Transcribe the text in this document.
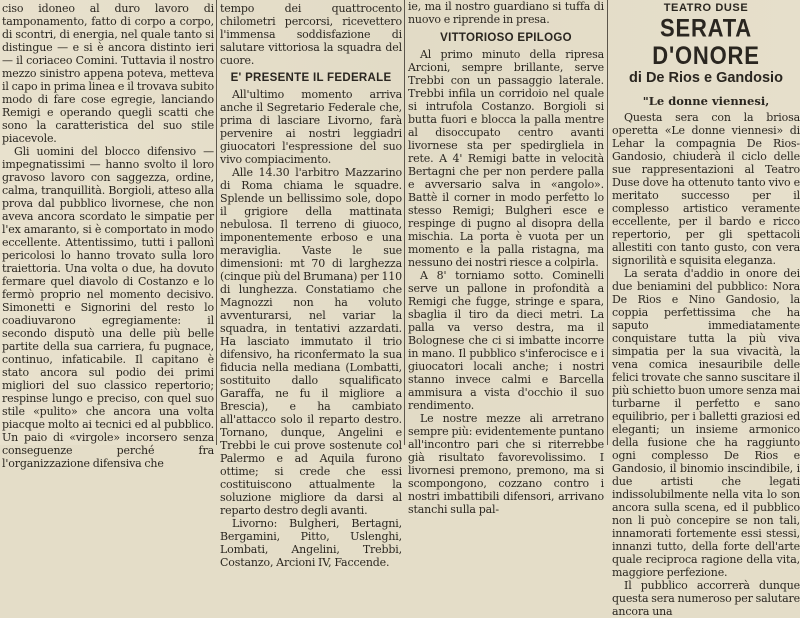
ciso idoneo al duro lavoro di tamponamento, fatto di corpo a corpo, di scontri, di energia, nel quale tanto si distingue — e si è ancora distinto ieri — il coriaceo Comini. Tuttavia il nostro mezzo sinistro appena poteva, metteva il capo in prima linea e il trovava subito modo di fare cose egregie, lanciando Remigi e operando quegli scatti che sono la caratteristica del suo stile piacevole.

Gli uomini del blocco difensivo — impegnatissimi — hanno svolto il loro gravoso lavoro con saggezza, ordine, calma, tranquillità. Borgioli, atteso alla prova dal pubblico livornese, che non aveva ancora scordato le simpatie per l'ex amaranto, si è comportato in modo eccellente. Attentissimo, tutti i pallonì pericolosi lo hanno trovato sulla loro traiettoria. Una volta o due, ha dovuto fermare quel diavolo di Costanzo e lo fermò proprio nel momento decisivo. Simonetti e Signorini del resto lo coadiuvarono egregiamente: il secondo disputò una delle più belle partite della sua carriera, fu pugnace, continuo, infaticabile. Il capitano è stato ancora sul podio dei primi migliori del suo classico repertorio; respinse lungo e preciso, con quel suo stile «pulito» che ancora una volta piacque molto ai tecnici ed al pubblico. Un paio di «virgole» incorsero senza conseguenze perché fra l'organizzazione difensiva che

tempo dei quattrocento chilometri percorsi, ricevettero l'immensa soddisfazione di salutare vittoriosa la squadra del cuore.

E' PRESENTE IL FEDERALE

All'ultimo momento arriva anche il Segretario Federale che, prima di lasciare Livorno, farà pervenire ai nostri leggiadri giuocatori l'espressione del suo vivo compiacimento.

Alle 14.30 l'arbitro Mazzarino di Roma chiama le squadre. Splende un bellissimo sole, dopo il grigiore della mattinata nebulosa. Il terreno di giuoco, imponentemente erboso e una meraviglia. Vaste le sue dimensioni: mt 70 di larghezza (cinque più del Brumana) per 110 di lunghezza. Constatiamo che Magnozzi non ha voluto avventurarsi, nel variar la squadra, in tentativi azzardati. Ha lasciato immutato il trio difensivo, ha riconfermato la sua fiducia nella mediana (Lombatti, sostituito dallo squalificato Garaffa, ne fu il migliore a Brescia), e ha cambiato all'attacco solo il reparto destro. Tornano, dunque, Angelini e Trebbi le cui prove sostenute col Palermo e ad Aquila furono ottime; si crede che essi costituiscono attualmente la soluzione migliore da darsi al reparto destro degli avanti.

Livorno: Bulgheri, Bertagni, Bergamini, Pitto, Uslenghi, Lombati, Angelini, Trebbi, Costanzo, Arcioni IV, Faccende.

ie, ma il nostro guardiano si tuffa di nuovo e riprende in presa.

VITTORIOSO EPILOGO

Al primo minuto della ripresa Arcioni, sempre brillante, serve Trebbi con un passaggio laterale. Trebbi infila un corridoio nel quale si intrufola Costanzo. Borgioli si butta fuori e blocca la palla mentre al disoccupato centro avanti livornese sta per spedirgliela in rete. A 4' Remigi batte in velocità Bertagni che per non perdere palla e avversario salva in «angolo». Battè il corner in modo perfetto lo stesso Remigi; Bulgheri esce e respinge di pugno al disopra della mischia. La porta è vuota per un momento e la palla ristagna, ma nessuno dei nostri riesce a colpirla.

A 8' torniamo sotto. Cominelli serve un pallone in profondità a Remigi che fugge, stringe e spara, sbaglia il tiro da dieci metri. La palla va verso destra, ma il Bolognese che ci si imbatte incorre in mano. Il pubblico s'inferocisce e i giuocatori locali anche; i nostri stanno invece calmi e Barcella ammisura a vista d'occhio il suo rendimento.

Le nostre mezze ali arretrano sempre più: evidentemente puntano all'incontro pari che si riterrebbe già risultato favorevolissimo. I livornesi premono, premono, ma si scompongono, cozzano contro i nostri imbattibili difensori, arrivano stanchi sulla pal-

TEATRO DUSE
SERATA D'ONORE
di De Rios e Gandosio
"Le donne viennesi,

Questa sera con la briosa operetta «Le donne viennesi» di Lehar la compagnia De Rios-Gandosio, chiuderà il ciclo delle sue rappresentazioni al Teatro Duse dove ha ottenuto tanto vivo e meritato successo per il complesso artistico veramente eccellente, per il bardo e ricco repertorio, per gli spettacoli allestiti con tanto gusto, con vera signorilità e squisita eleganza.

La serata d'addio in onore dei due beniamini del pubblico: Nora De Rios e Nino Gandosio, la coppia perfettissima che ha saputo immediatamente conquistare tutta la più viva simpatia per la sua vivacità, la vena comica inesauribile delle felici trovate che sanno suscitare il più schietto buon umore senza mai turbarne il perfetto e sano equilibrio, per i balletti graziosi ed eleganti; un insieme armonico della fusione che ha raggiunto ogni complesso De Rios e Gandosio, il binomio inscindibile, i due artisti che legati indissolubilmente nella vita lo son ancora sulla scena, ed il pubblico non li può concepire se non tali, innamorati fortemente essi stessi, innanzi tutto, della forte dell'arte quale reciproca ragione della vita, maggiore perfezione.

Il pubblico accorrerà dunque questa sera numeroso per salutare ancora una
